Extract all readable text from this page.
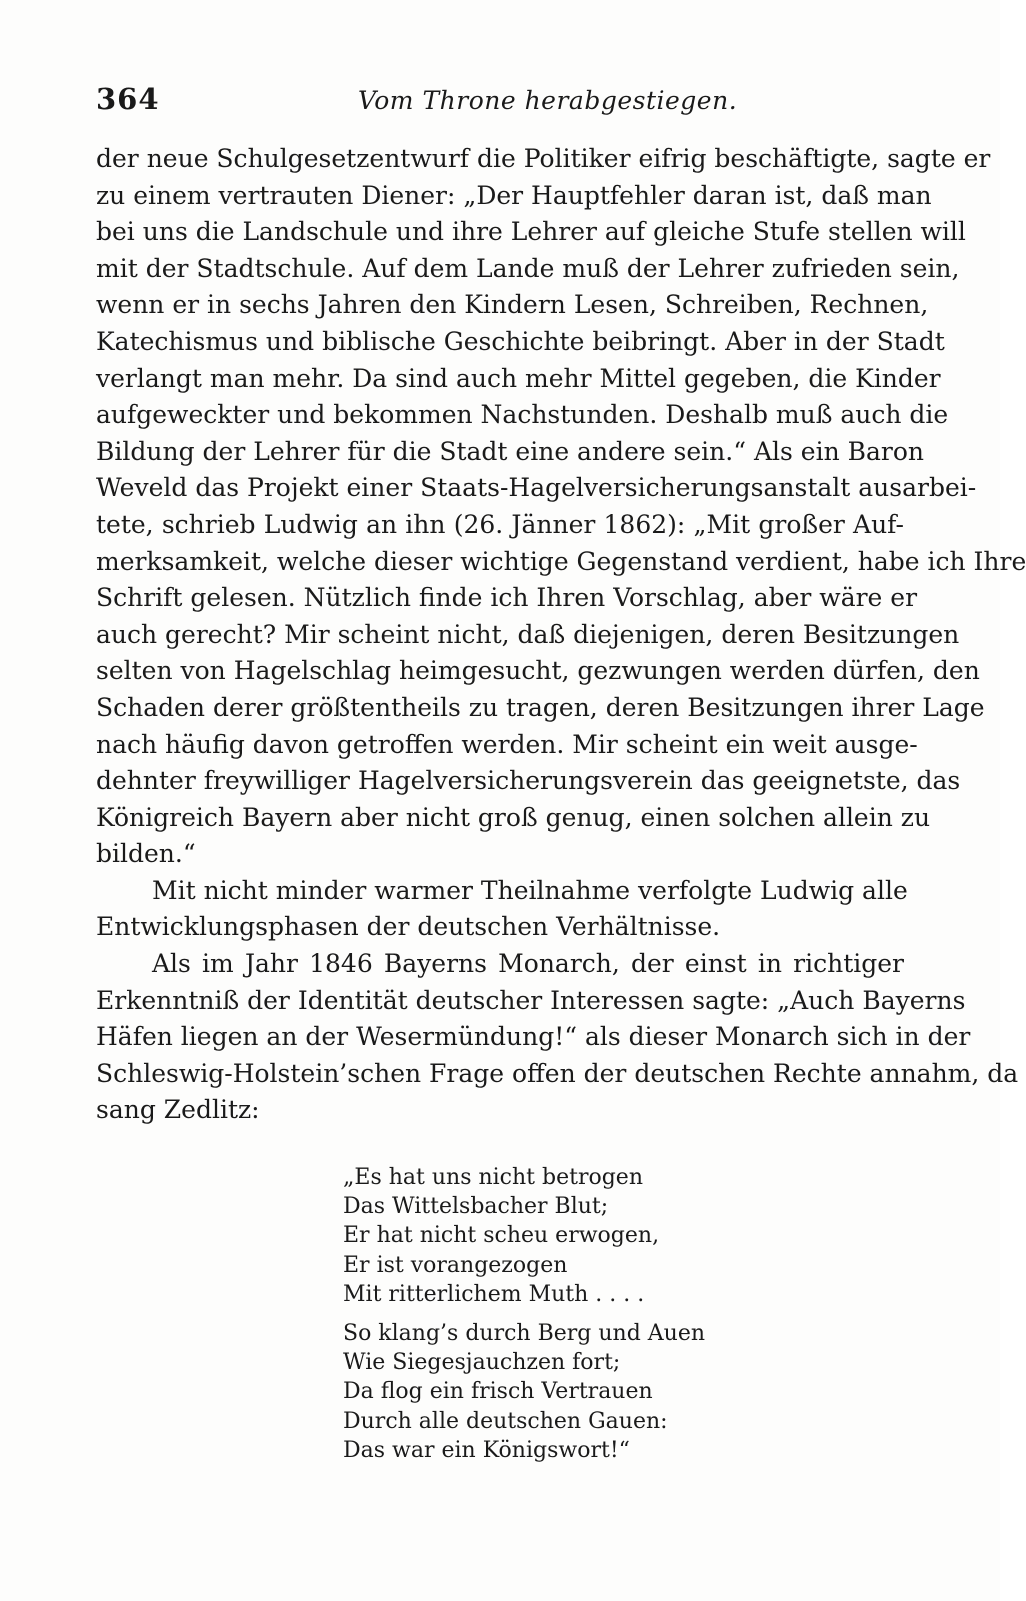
364	Vom Throne herabgestiegen.
der neue Schulgesetzentwurf die Politiker eifrig beschäftigte, sagte er
zu einem vertrauten Diener: „Der Hauptfehler daran ist, daß man
bei uns die Landschule und ihre Lehrer auf gleiche Stufe stellen will
mit der Stadtschule. Auf dem Lande muß der Lehrer zufrieden sein,
wenn er in sechs Jahren den Kindern Lesen, Schreiben, Rechnen,
Katechismus und biblische Geschichte beibringt. Aber in der Stadt
verlangt man mehr. Da sind auch mehr Mittel gegeben, die Kinder
aufgeweckter und bekommen Nachstunden. Deshalb muß auch die
Bildung der Lehrer für die Stadt eine andere sein.“ Als ein Baron
Weveld das Projekt einer Staats-Hagelversicherungsanstalt ausarbei-
tete, schrieb Ludwig an ihn (26. Jänner 1862): „Mit großer Auf-
merksamkeit, welche dieser wichtige Gegenstand verdient, habe ich Ihre
Schrift gelesen. Nützlich finde ich Ihren Vorschlag, aber wäre er
auch gerecht? Mir scheint nicht, daß diejenigen, deren Besitzungen
selten von Hagelschlag heimgesucht, gezwungen werden dürfen, den
Schaden derer größtentheils zu tragen, deren Besitzungen ihrer Lage
nach häufig davon getroffen werden. Mir scheint ein weit ausge-
dehnter freywilliger Hagelversicherungsverein das geeignetste, das
Königreich Bayern aber nicht groß genug, einen solchen allein zu
bilden.“
Mit nicht minder warmer Theilnahme verfolgte Ludwig alle
Entwicklungsphasen der deutschen Verhältnisse.
Als im Jahr 1846 Bayerns Monarch, der einst in richtiger
Erkenntniß der Identität deutscher Interessen sagte: „Auch Bayerns
Häfen liegen an der Wesermündung!“ als dieser Monarch sich in der
Schleswig-Holstein’schen Frage offen der deutschen Rechte annahm, da
sang Zedlitz:
„Es hat uns nicht betrogen
Das Wittelsbacher Blut;
Er hat nicht scheu erwogen,
Er ist vorangezogen
Mit ritterlichem Muth . . . .
So klang’s durch Berg und Auen
Wie Siegesjauchzen fort;
Da flog ein frisch Vertrauen
Durch alle deutschen Gauen:
Das war ein Königswort!“
